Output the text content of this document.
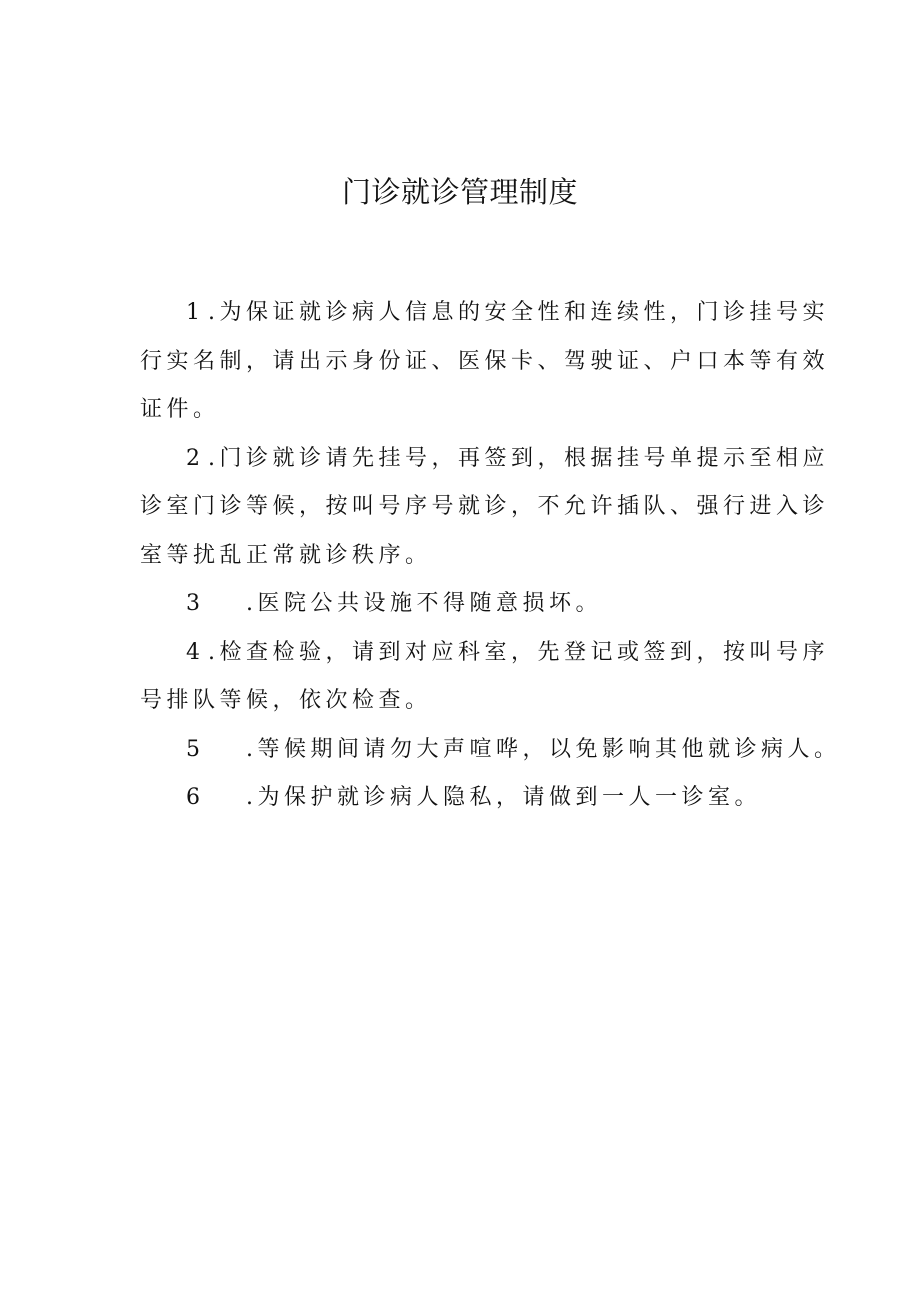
门诊就诊管理制度
1 .为保证就诊病人信息的安全性和连续性，门诊挂号实
行实名制，请出示身份证、医保卡、驾驶证、户口本等有效
证件。
2 .门诊就诊请先挂号，再签到，根据挂号单提示至相应
诊室门诊等候，按叫号序号就诊，不允许插队、强行进入诊
室等扰乱正常就诊秩序。
3 .医院公共设施不得随意损坏。
4 .检查检验，请到对应科室，先登记或签到，按叫号序
号排队等候，依次检查。
5 .等候期间请勿大声喧哗，以免影响其他就诊病人。
6 .为保护就诊病人隐私，请做到一人一诊室。
